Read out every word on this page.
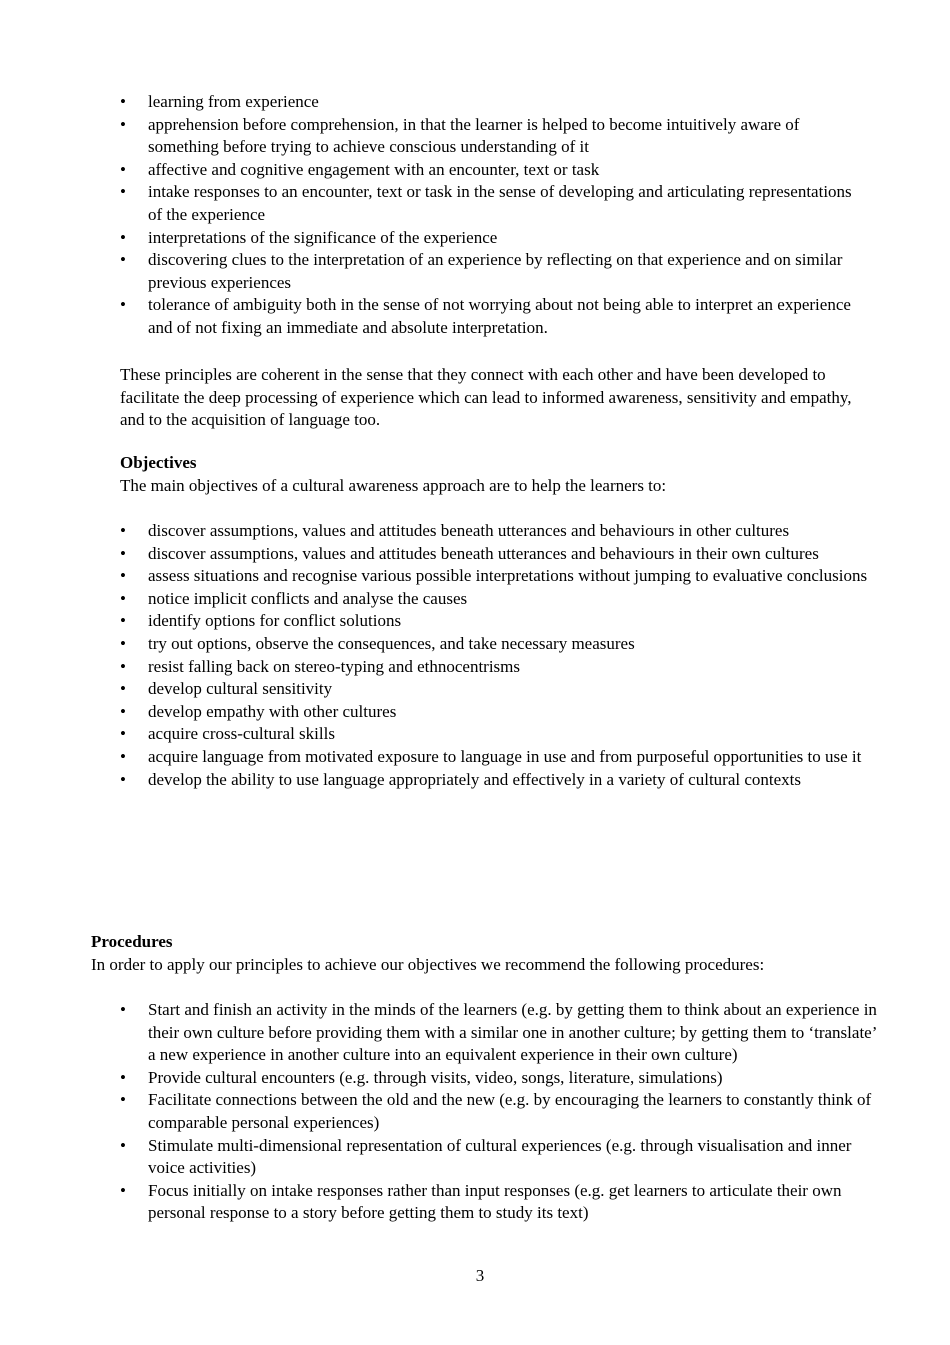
• learning from experience
• apprehension before comprehension, in that the learner is helped to become intuitively aware of something before trying to achieve conscious understanding of it
• affective and cognitive engagement with an encounter, text or task
• intake responses to an encounter, text or task in the sense of developing and articulating representations of the experience
• interpretations of the significance of the experience
• discovering clues to the interpretation of an experience by reflecting on that experience and on similar previous experiences
• tolerance of ambiguity both in the sense of not worrying about not being able to interpret an experience and of not fixing an immediate and absolute interpretation.

These principles are coherent in the sense that they connect with each other and have been developed to facilitate the deep processing of experience which can lead to informed awareness, sensitivity and empathy, and to the acquisition of language too.

Objectives

The main objectives of a cultural awareness approach are to help the learners to:

• discover assumptions, values and attitudes beneath utterances and behaviours in other cultures
• discover assumptions, values and attitudes beneath utterances and behaviours in their own cultures
• assess situations and recognise various possible interpretations without jumping to evaluative conclusions
• notice implicit conflicts and analyse the causes
• identify options for conflict solutions
• try out options, observe the consequences, and take necessary measures
• resist falling back on stereo-typing and ethnocentrisms
• develop cultural sensitivity
• develop empathy with other cultures
• acquire cross-cultural skills
• acquire language from motivated exposure to language in use and from purposeful opportunities to use it
• develop the ability to use language appropriately and effectively in a variety of cultural contexts

Procedures

In order to apply our principles to achieve our objectives we recommend the following procedures:

• Start and finish an activity in the minds of the learners (e.g. by getting them to think about an experience in their own culture before providing them with a similar one in another culture; by getting them to ‘translate’ a new experience in another culture into an equivalent experience in their own culture)
• Provide cultural encounters (e.g. through visits, video, songs, literature, simulations)
• Facilitate connections between the old and the new (e.g. by encouraging the learners to constantly think of comparable personal experiences)
• Stimulate multi-dimensional representation of cultural experiences (e.g. through visualisation and inner voice activities)
• Focus initially on intake responses rather than input responses (e.g. get learners to articulate their own personal response to a story before getting them to study its text)

3
